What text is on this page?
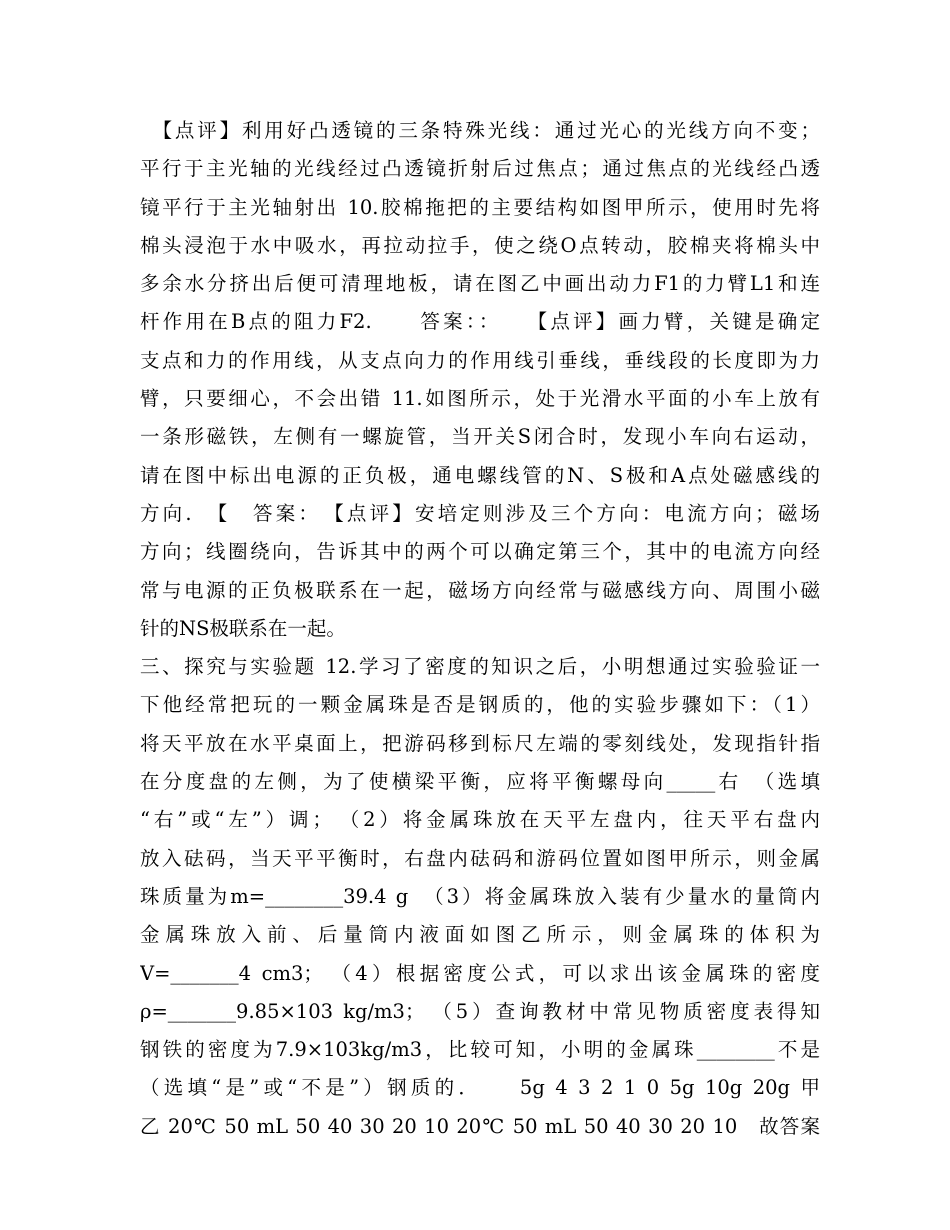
　【点评】利用好凸透镜的三条特殊光线：通过光心的光线方向不变；
平行于主光轴的光线经过凸透镜折射后过焦点；通过焦点的光线经凸透
镜平行于主光轴射出 10.胶棉拖把的主要结构如图甲所示，使用时先将
棉头浸泡于水中吸水，再拉动拉手，使之绕O点转动，胶棉夹将棉头中
多余水分挤出后便可清理地板，请在图乙中画出动力F1的力臂L1和连
杆作用在B点的阻力F2.　　答案：：　　【点评】画力臂，关键是确定
支点和力的作用线，从支点向力的作用线引垂线，垂线段的长度即为力
臂，只要细心，不会出错 11.如图所示，处于光滑水平面的小车上放有
一条形磁铁，左侧有一螺旋管，当开关S闭合时，发现小车向右运动，
请在图中标出电源的正负极，通电螺线管的N、S极和A点处磁感线的
方向.　【　答案：　【点评】安培定则涉及三个方向：电流方向；磁场
方向；线圈绕向，告诉其中的两个可以确定第三个，其中的电流方向经
常与电源的正负极联系在一起，磁场方向经常与磁感线方向、周围小磁
针的NS极联系在一起。
三、探究与实验题 12.学习了密度的知识之后，小明想通过实验验证一
下他经常把玩的一颗金属珠是否是钢质的，他的实验步骤如下：（1）
将天平放在水平桌面上，把游码移到标尺左端的零刻线处，发现指针指
在分度盘的左侧，为了使横梁平衡，应将平衡螺母向_____右　（选填
“右”或“左”）调；　（2）将金属珠放在天平左盘内，往天平右盘内
放入砝码，当天平平衡时，右盘内砝码和游码位置如图甲所示，则金属
珠质量为m=________39.4 g　（3）将金属珠放入装有少量水的量筒内
金属珠放入前、后量筒内液面如图乙所示，则金属珠的体积为
V=_______4 cm3；　（4）根据密度公式，可以求出该金属珠的密度
ρ=_______9.85×103 kg/m3；　（5）查询教材中常见物质密度表得知
钢铁的密度为7.9×103kg/m3，比较可知，小明的金属珠________不是
（选填“是”或“不是”）钢质的．　　5g 4 3 2 1 0 5g 10g 20g 甲
乙 20℃ 50 mL 50 40 30 20 10 20℃ 50 mL 50 40 30 20 10　故答案
